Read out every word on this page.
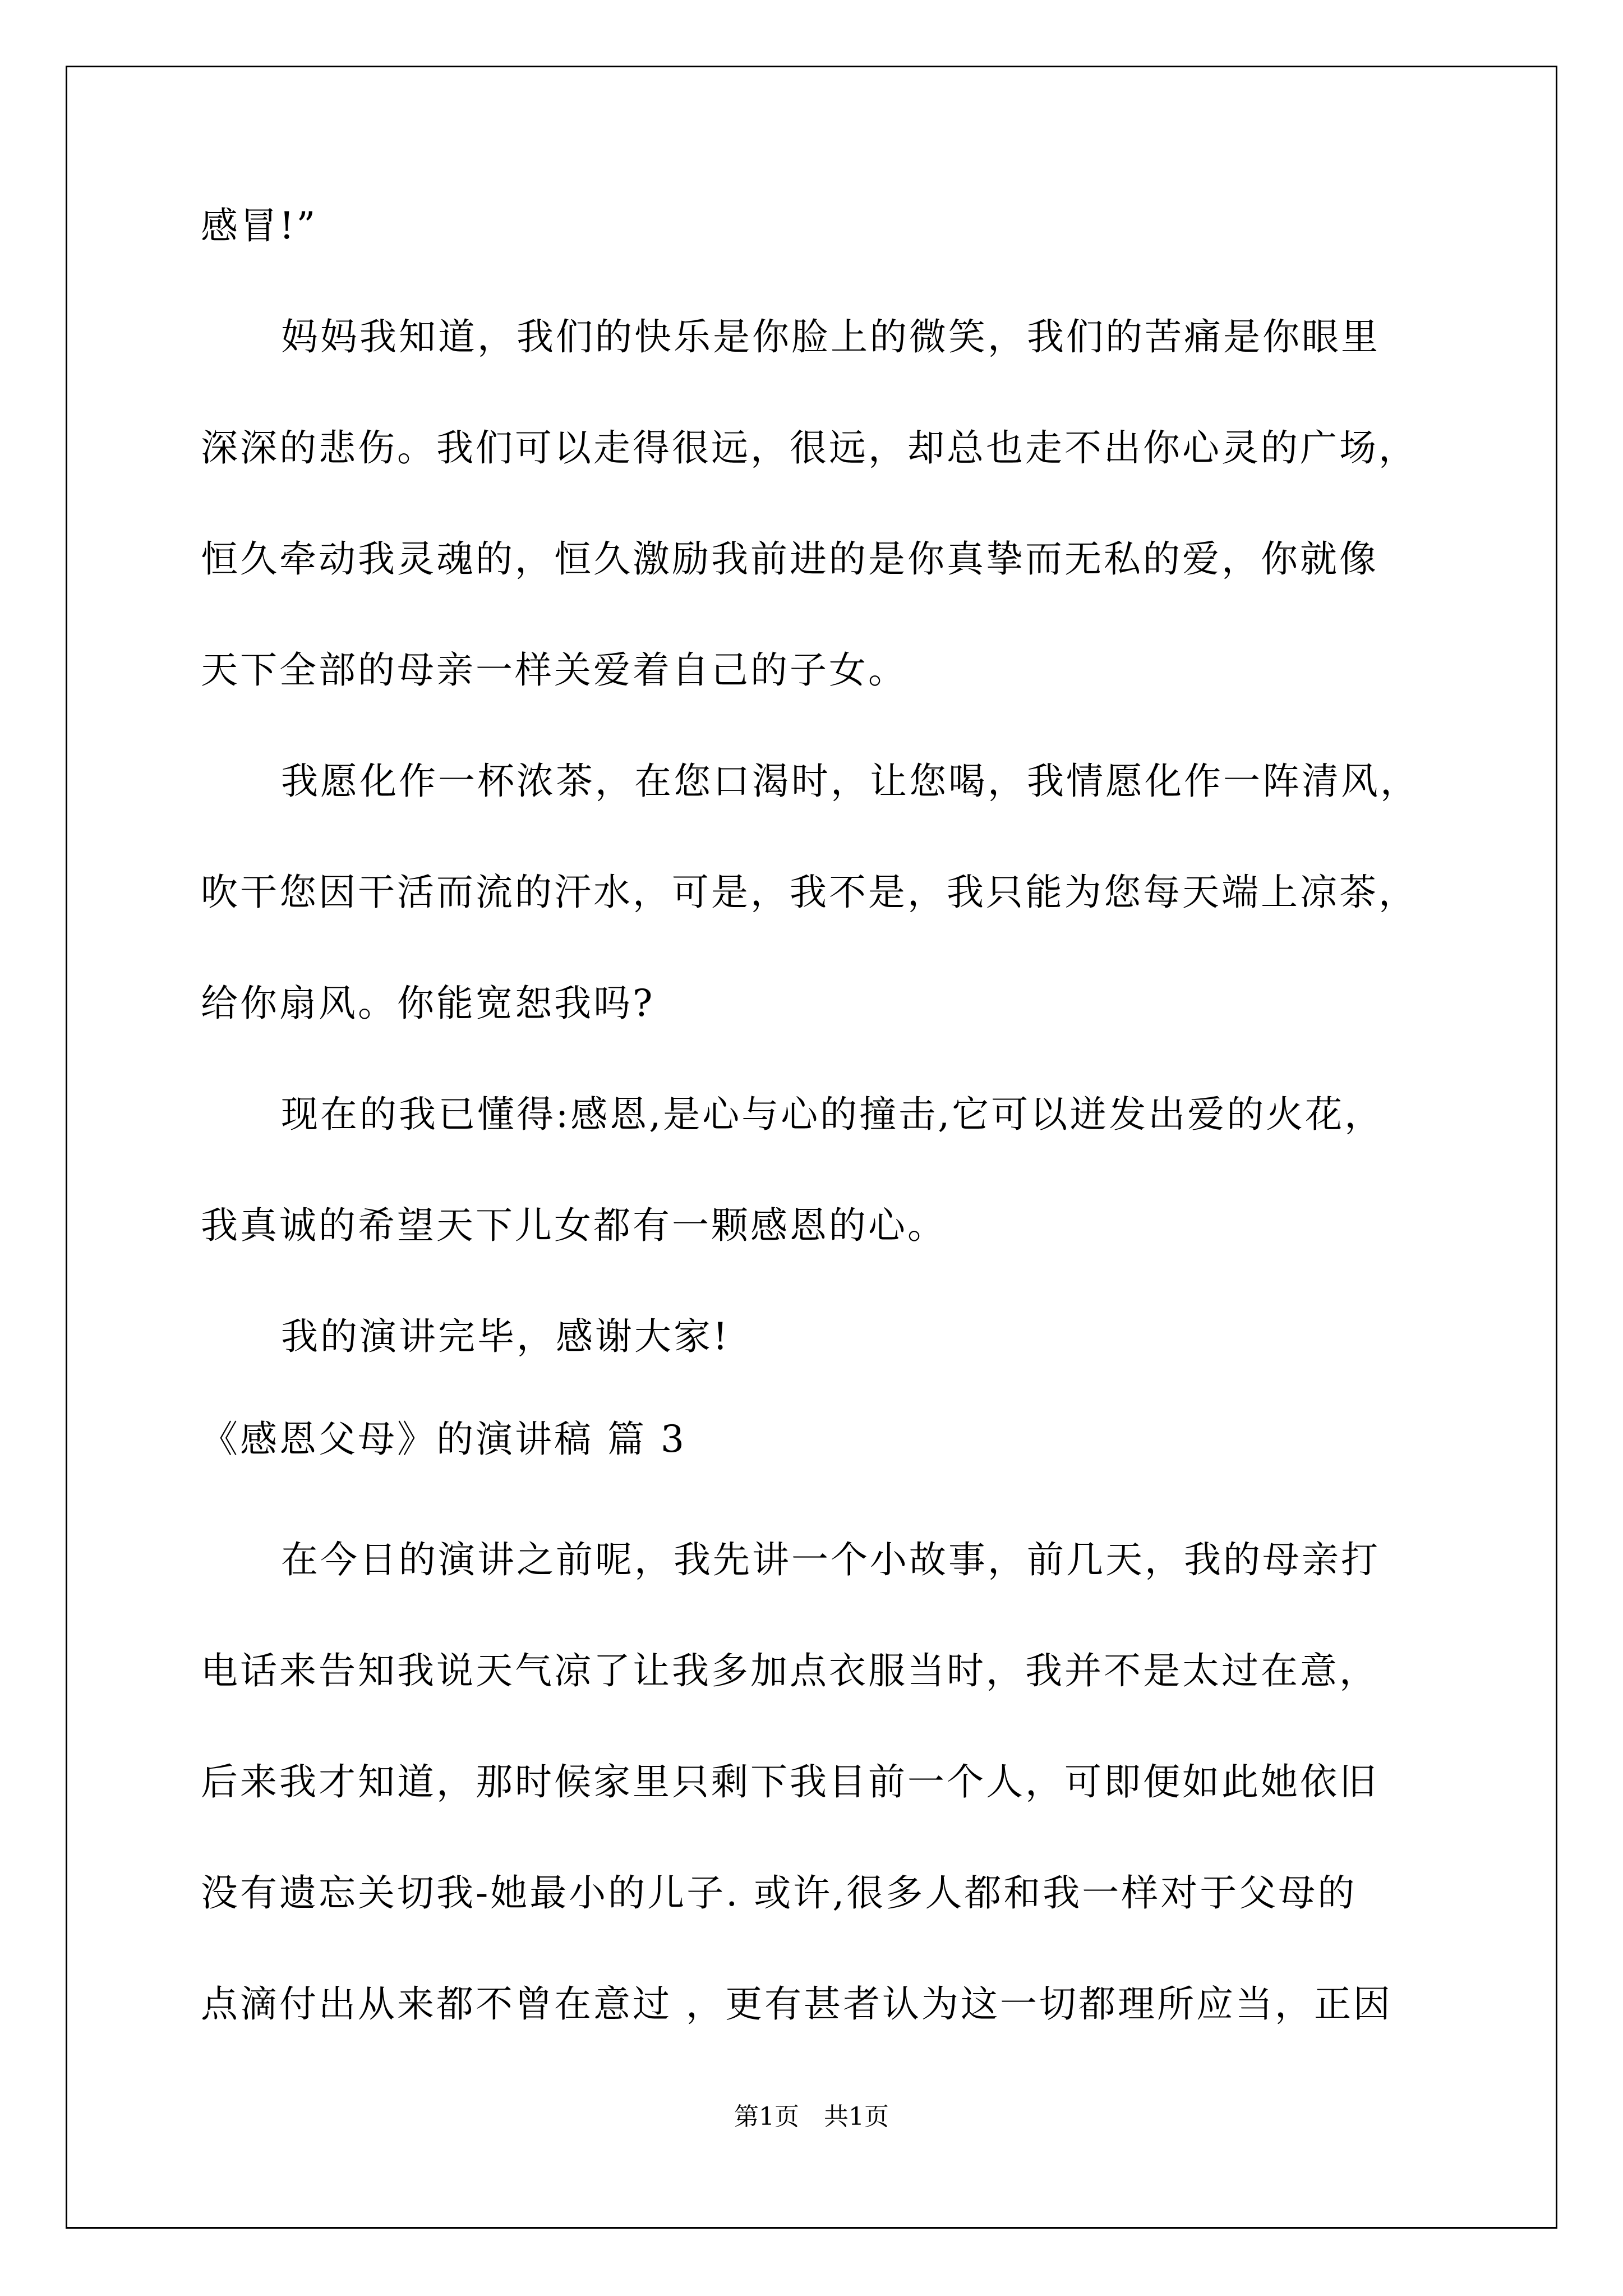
感冒!”
妈妈我知道，我们的快乐是你脸上的微笑，我们的苦痛是你眼里
深深的悲伤。我们可以走得很远，很远，却总也走不出你心灵的广场，
恒久牵动我灵魂的，恒久激励我前进的是你真挚而无私的爱，你就像
天下全部的母亲一样关爱着自己的子女。
我愿化作一杯浓茶，在您口渴时，让您喝，我情愿化作一阵清风，
吹干您因干活而流的汗水，可是，我不是，我只能为您每天端上凉茶，
给你扇风。你能宽恕我吗?
现在的我已懂得:感恩,是心与心的撞击,它可以迸发出爱的火花，
我真诚的希望天下儿女都有一颗感恩的心。
我的演讲完毕，感谢大家!
《感恩父母》的演讲稿 篇 3
在今日的演讲之前呢，我先讲一个小故事，前几天，我的母亲打
电话来告知我说天气凉了让我多加点衣服当时，我并不是太过在意，
后来我才知道，那时候家里只剩下我目前一个人，可即便如此她依旧
没有遗忘关切我-她最小的儿子. 或许,很多人都和我一样对于父母的
点滴付出从来都不曾在意过 ，更有甚者认为这一切都理所应当，正因
第1页 共1页
